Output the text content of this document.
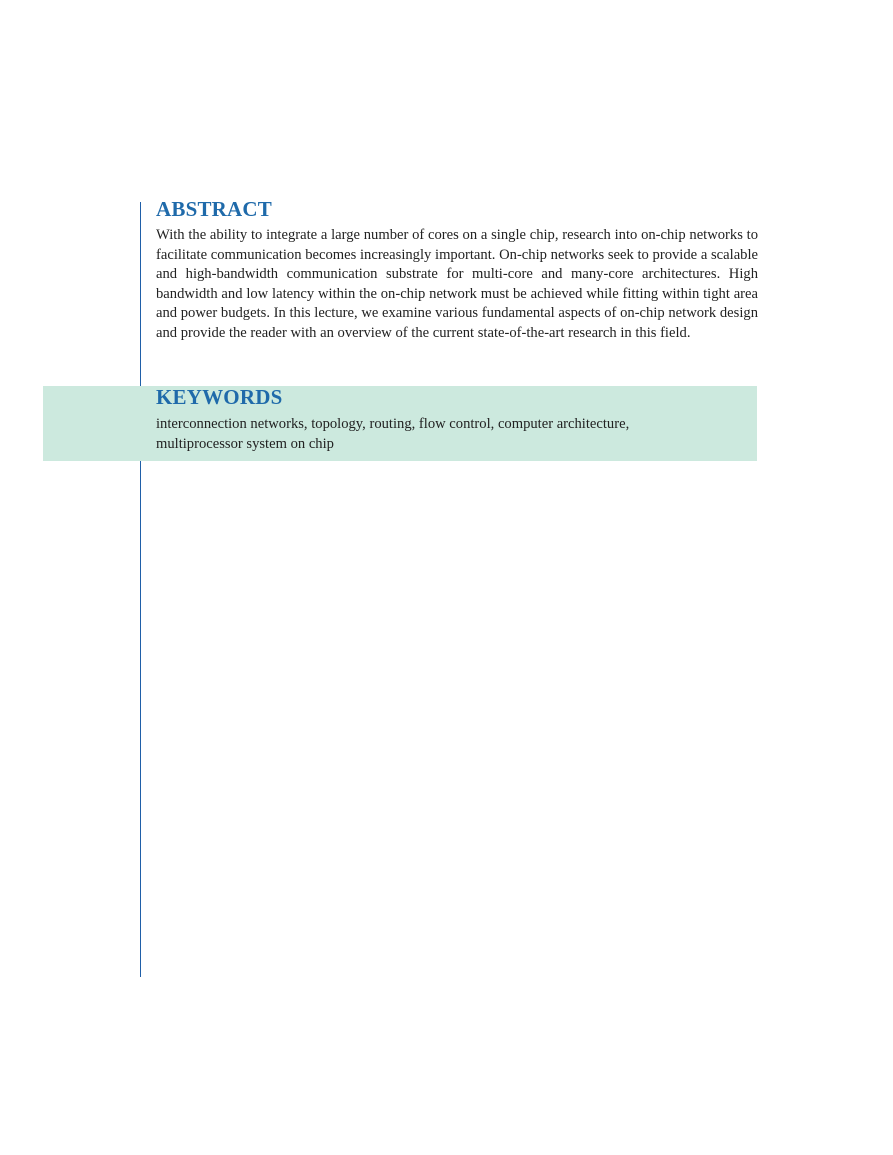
ABSTRACT

With the ability to integrate a large number of cores on a single chip, research into on-chip networks to facilitate communication becomes increasingly important. On-chip networks seek to provide a scalable and high-bandwidth communication substrate for multi-core and many-core architectures. High bandwidth and low latency within the on-chip network must be achieved while fitting within tight area and power budgets. In this lecture, we examine various fundamental aspects of on-chip network design and provide the reader with an overview of the current state-of-the-art research in this field.

KEYWORDS

interconnection networks, topology, routing, flow control, computer architecture, multiprocessor system on chip
